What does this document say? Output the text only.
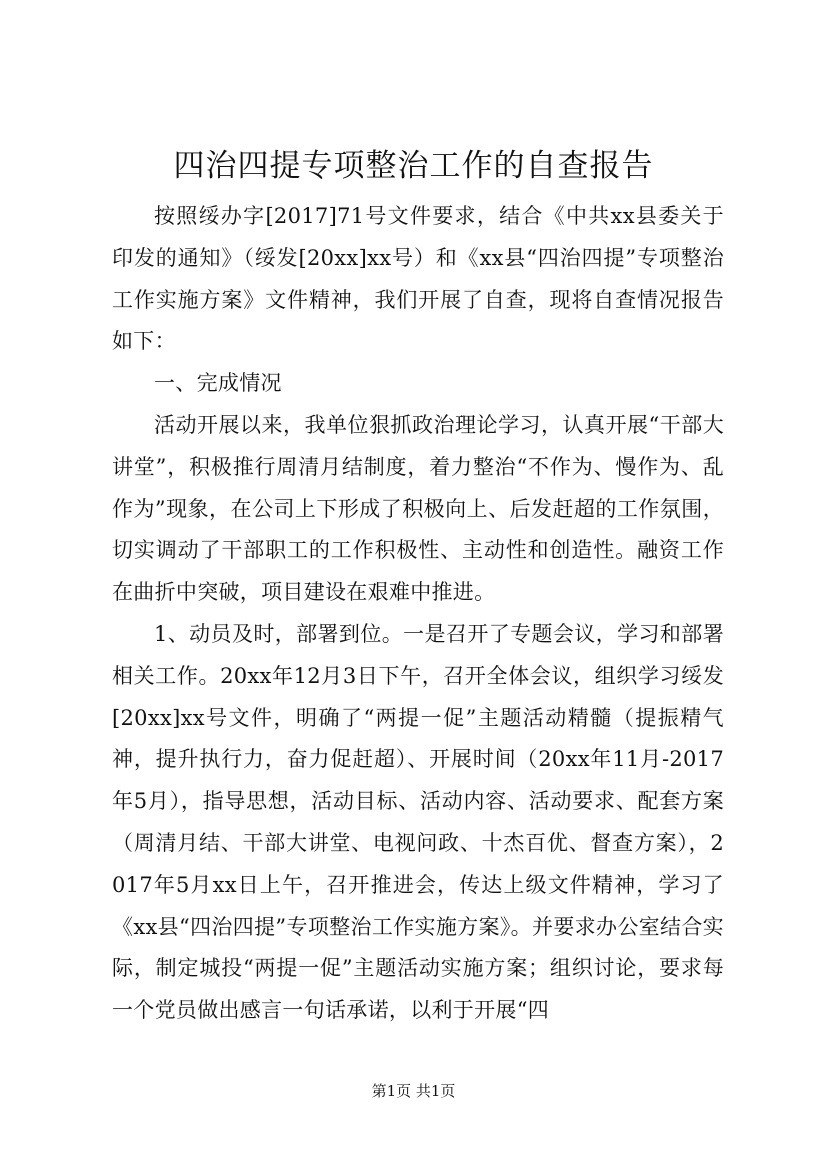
四治四提专项整治工作的自查报告

按照绥办字[2017]71号文件要求，结合《中共xx县委关于印发的通知》（绥发[20xx]xx号）和《xx县“四治四提”专项整治工作实施方案》文件精神，我们开展了自查，现将自查情况报告如下：

一、完成情况

活动开展以来，我单位狠抓政治理论学习，认真开展“干部大讲堂”，积极推行周清月结制度，着力整治“不作为、慢作为、乱作为”现象，在公司上下形成了积极向上、后发赶超的工作氛围，切实调动了干部职工的工作积极性、主动性和创造性。融资工作在曲折中突破，项目建设在艰难中推进。

1、动员及时，部署到位。一是召开了专题会议，学习和部署相关工作。20xx年12月3日下午，召开全体会议，组织学习绥发[20xx]xx号文件，明确了“两提一促”主题活动精髓（提振精气神，提升执行力，奋力促赶超）、开展时间（20xx年11月-2017年5月），指导思想，活动目标、活动内容、活动要求、配套方案（周清月结、干部大讲堂、电视问政、十杰百优、督查方案），2017年5月xx日上午，召开推进会，传达上级文件精神，学习了《xx县“四治四提”专项整治工作实施方案》。并要求办公室结合实际，制定城投“两提一促”主题活动实施方案；组织讨论，要求每一个党员做出感言一句话承诺，以利于开展“四

第1页 共1页
